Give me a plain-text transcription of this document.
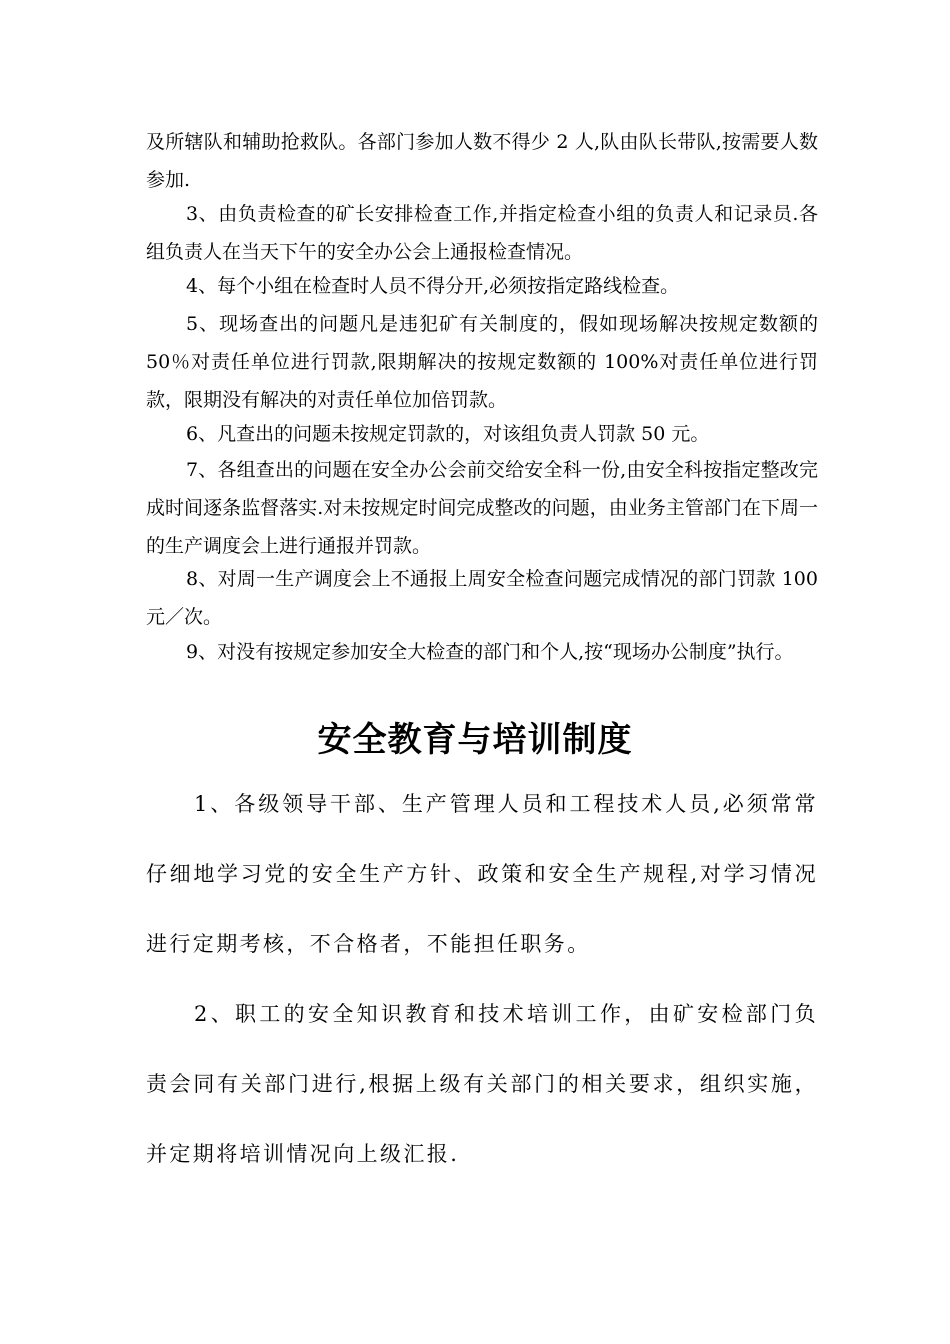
及所辖队和辅助抢救队。各部门参加人数不得少 2 人,队由队长带队,按需要人数参加.

3、由负责检查的矿长安排检查工作,并指定检查小组的负责人和记录员.各组负责人在当天下午的安全办公会上通报检查情况。

4、每个小组在检查时人员不得分开,必须按指定路线检查。

5、现场查出的问题凡是违犯矿有关制度的，假如现场解决按规定数额的 50％对责任单位进行罚款,限期解决的按规定数额的 100%对责任单位进行罚款，限期没有解决的对责任单位加倍罚款。

6、凡查出的问题未按规定罚款的，对该组负责人罚款 50 元。

7、各组查出的问题在安全办公会前交给安全科一份,由安全科按指定整改完成时间逐条监督落实.对未按规定时间完成整改的问题，由业务主管部门在下周一的生产调度会上进行通报并罚款。

8、对周一生产调度会上不通报上周安全检查问题完成情况的部门罚款 100 元／次。

9、对没有按规定参加安全大检查的部门和个人,按“现场办公制度”执行。

安全教育与培训制度

1、各级领导干部、生产管理人员和工程技术人员,必须常常仔细地学习党的安全生产方针、政策和安全生产规程,对学习情况进行定期考核，不合格者，不能担任职务。

2、职工的安全知识教育和技术培训工作，由矿安检部门负责会同有关部门进行,根据上级有关部门的相关要求，组织实施，并定期将培训情况向上级汇报.
